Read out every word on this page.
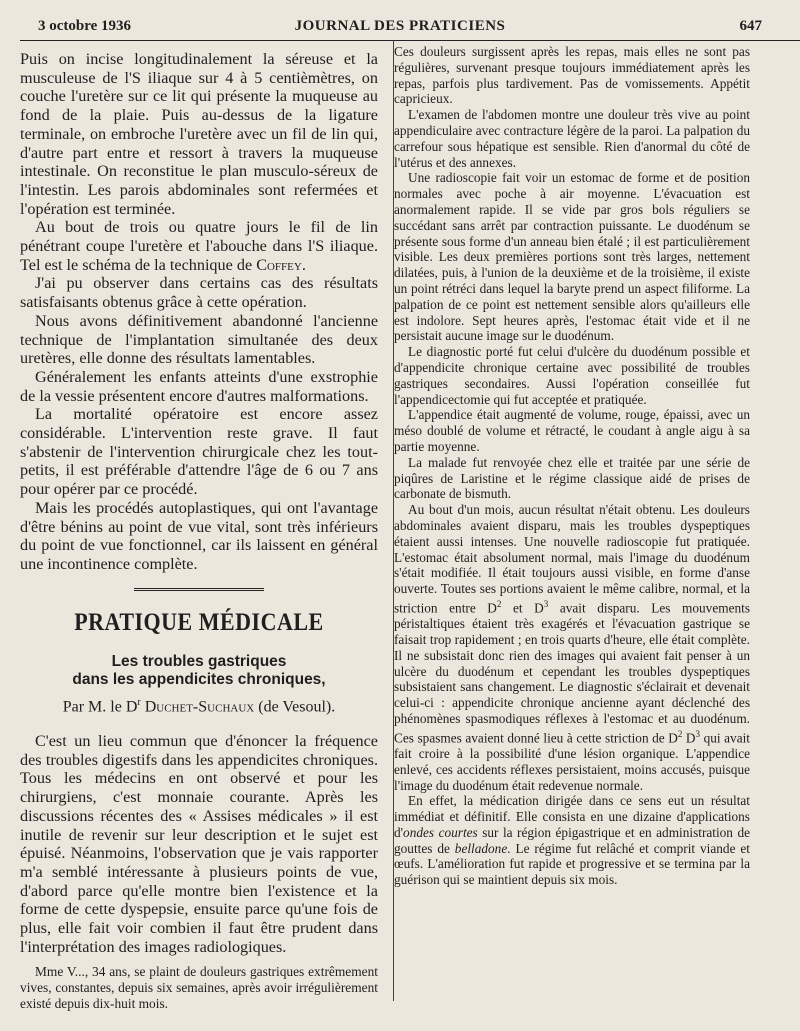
3 octobre 1936	JOURNAL DES PRATICIENS	647

Puis on incise longitudinalement la séreuse et la musculeuse de l'S iliaque sur 4 à 5 centièmètres, on couche l'uretère sur ce lit qui présente la muqueuse au fond de la plaie. Puis au-dessus de la ligature terminale, on embroche l'uretère avec un fil de lin qui, d'autre part entre et ressort à travers la muqueuse intestinale. On reconstitue le plan musculo-séreux de l'intestin. Les parois abdominales sont refermées et l'opération est terminée.

Au bout de trois ou quatre jours le fil de lin pénétrant coupe l'uretère et l'abouche dans l'S iliaque. Tel est le schéma de la technique de Coffey.

J'ai pu observer dans certains cas des résultats satisfaisants obtenus grâce à cette opération.

Nous avons définitivement abandonné l'ancienne technique de l'implantation simultanée des deux uretères, elle donne des résultats lamentables.

Généralement les enfants atteints d'une exstrophie de la vessie présentent encore d'autres malformations.

La mortalité opératoire est encore assez considérable. L'intervention reste grave. Il faut s'abstenir de l'intervention chirurgicale chez les tout-petits, il est préférable d'attendre l'âge de 6 ou 7 ans pour opérer par ce procédé.

Mais les procédés autoplastiques, qui ont l'avantage d'être bénins au point de vue vital, sont très inférieurs du point de vue fonctionnel, car ils laissent en général une incontinence complète.

PRATIQUE MÉDICALE
Les troubles gastriques
dans les appendicites chroniques,
Par M. le $D^r$ Duchet-Suchaux (de Vesoul).

C'est un lieu commun que d'énoncer la fréquence des troubles digestifs dans les appendicites chroniques. Tous les médecins en ont observé et pour les chirurgiens, c'est monnaie courante. Après les discussions récentes des « Assises médicales » il est inutile de revenir sur leur description et le sujet est épuisé. Néanmoins, l'observation que je vais rapporter m'a semblé intéressante à plusieurs points de vue, d'abord parce qu'elle montre bien l'existence et la forme de cette dyspepsie, ensuite parce qu'une fois de plus, elle fait voir combien il faut être prudent dans l'interprétation des images radiologiques.

Mme V..., 34 ans, se plaint de douleurs gastriques extrêmement vives, constantes, depuis six semaines, après avoir irrégulièrement existé depuis dix-huit mois.

Ces douleurs surgissent après les repas, mais elles ne sont pas régulières, survenant presque toujours immédiatement après les repas, parfois plus tardivement. Pas de vomissements. Appétit capricieux.

L'examen de l'abdomen montre une douleur très vive au point appendiculaire avec contracture légère de la paroi. La palpation du carrefour sous hépatique est sensible. Rien d'anormal du côté de l'utérus et des annexes.

Une radioscopie fait voir un estomac de forme et de position normales avec poche à air moyenne. L'évacuation est anormalement rapide. Il se vide par gros bols réguliers se succédant sans arrêt par contraction puissante. Le duodénum se présente sous forme d'un anneau bien étalé ; il est particulièrement visible. Les deux premières portions sont très larges, nettement dilatées, puis, à l'union de la deuxième et de la troisième, il existe un point rétréci dans lequel la baryte prend un aspect filiforme. La palpation de ce point est nettement sensible alors qu'ailleurs elle est indolore. Sept heures après, l'estomac était vide et il ne persistait aucune image sur le duodénum.

Le diagnostic porté fut celui d'ulcère du duodénum possible et d'appendicite chronique certaine avec possibilité de troubles gastriques secondaires. Aussi l'opération conseillée fut l'appendicectomie qui fut acceptée et pratiquée.

L'appendice était augmenté de volume, rouge, épaissi, avec un méso doublé de volume et rétracté, le coudant à angle aigu à sa partie moyenne.

La malade fut renvoyée chez elle et traitée par une série de piqûres de Laristine et le régime classique aidé de prises de carbonate de bismuth.

Au bout d'un mois, aucun résultat n'était obtenu. Les douleurs abdominales avaient disparu, mais les troubles dyspeptiques étaient aussi intenses. Une nouvelle radioscopie fut pratiquée. L'estomac était absolument normal, mais l'image du duodénum s'était modifiée. Il était toujours aussi visible, en forme d'anse ouverte. Toutes ses portions avaient le même calibre, normal, et la striction entre $D^2$ et $D^3$ avait disparu. Les mouvements péristaltiques étaient très exagérés et l'évacuation gastrique se faisait trop rapidement ; en trois quarts d'heure, elle était complète. Il ne subsistait donc rien des images qui avaient fait penser à un ulcère du duodénum et cependant les troubles dyspeptiques subsistaient sans changement. Le diagnostic s'éclairait et devenait celui-ci : appendicite chronique ancienne ayant déclenché des phénomènes spasmodiques réflexes à l'estomac et au duodénum. Ces spasmes avaient donné lieu à cette striction de $D^2$ $D^3$ qui avait fait croire à la possibilité d'une lésion organique. L'appendice enlevé, ces accidents réflexes persistaient, moins accusés, puisque l'image du duodénum était redevenue normale.

En effet, la médication dirigée dans ce sens eut un résultat immédiat et définitif. Elle consista en une dizaine d'applications d'ondes courtes sur la région épigastrique et en administration de gouttes de belladone. Le régime fut relâché et comprit viande et œufs. L'amélioration fut rapide et progressive et se termina par la guérison qui se maintient depuis six mois.
